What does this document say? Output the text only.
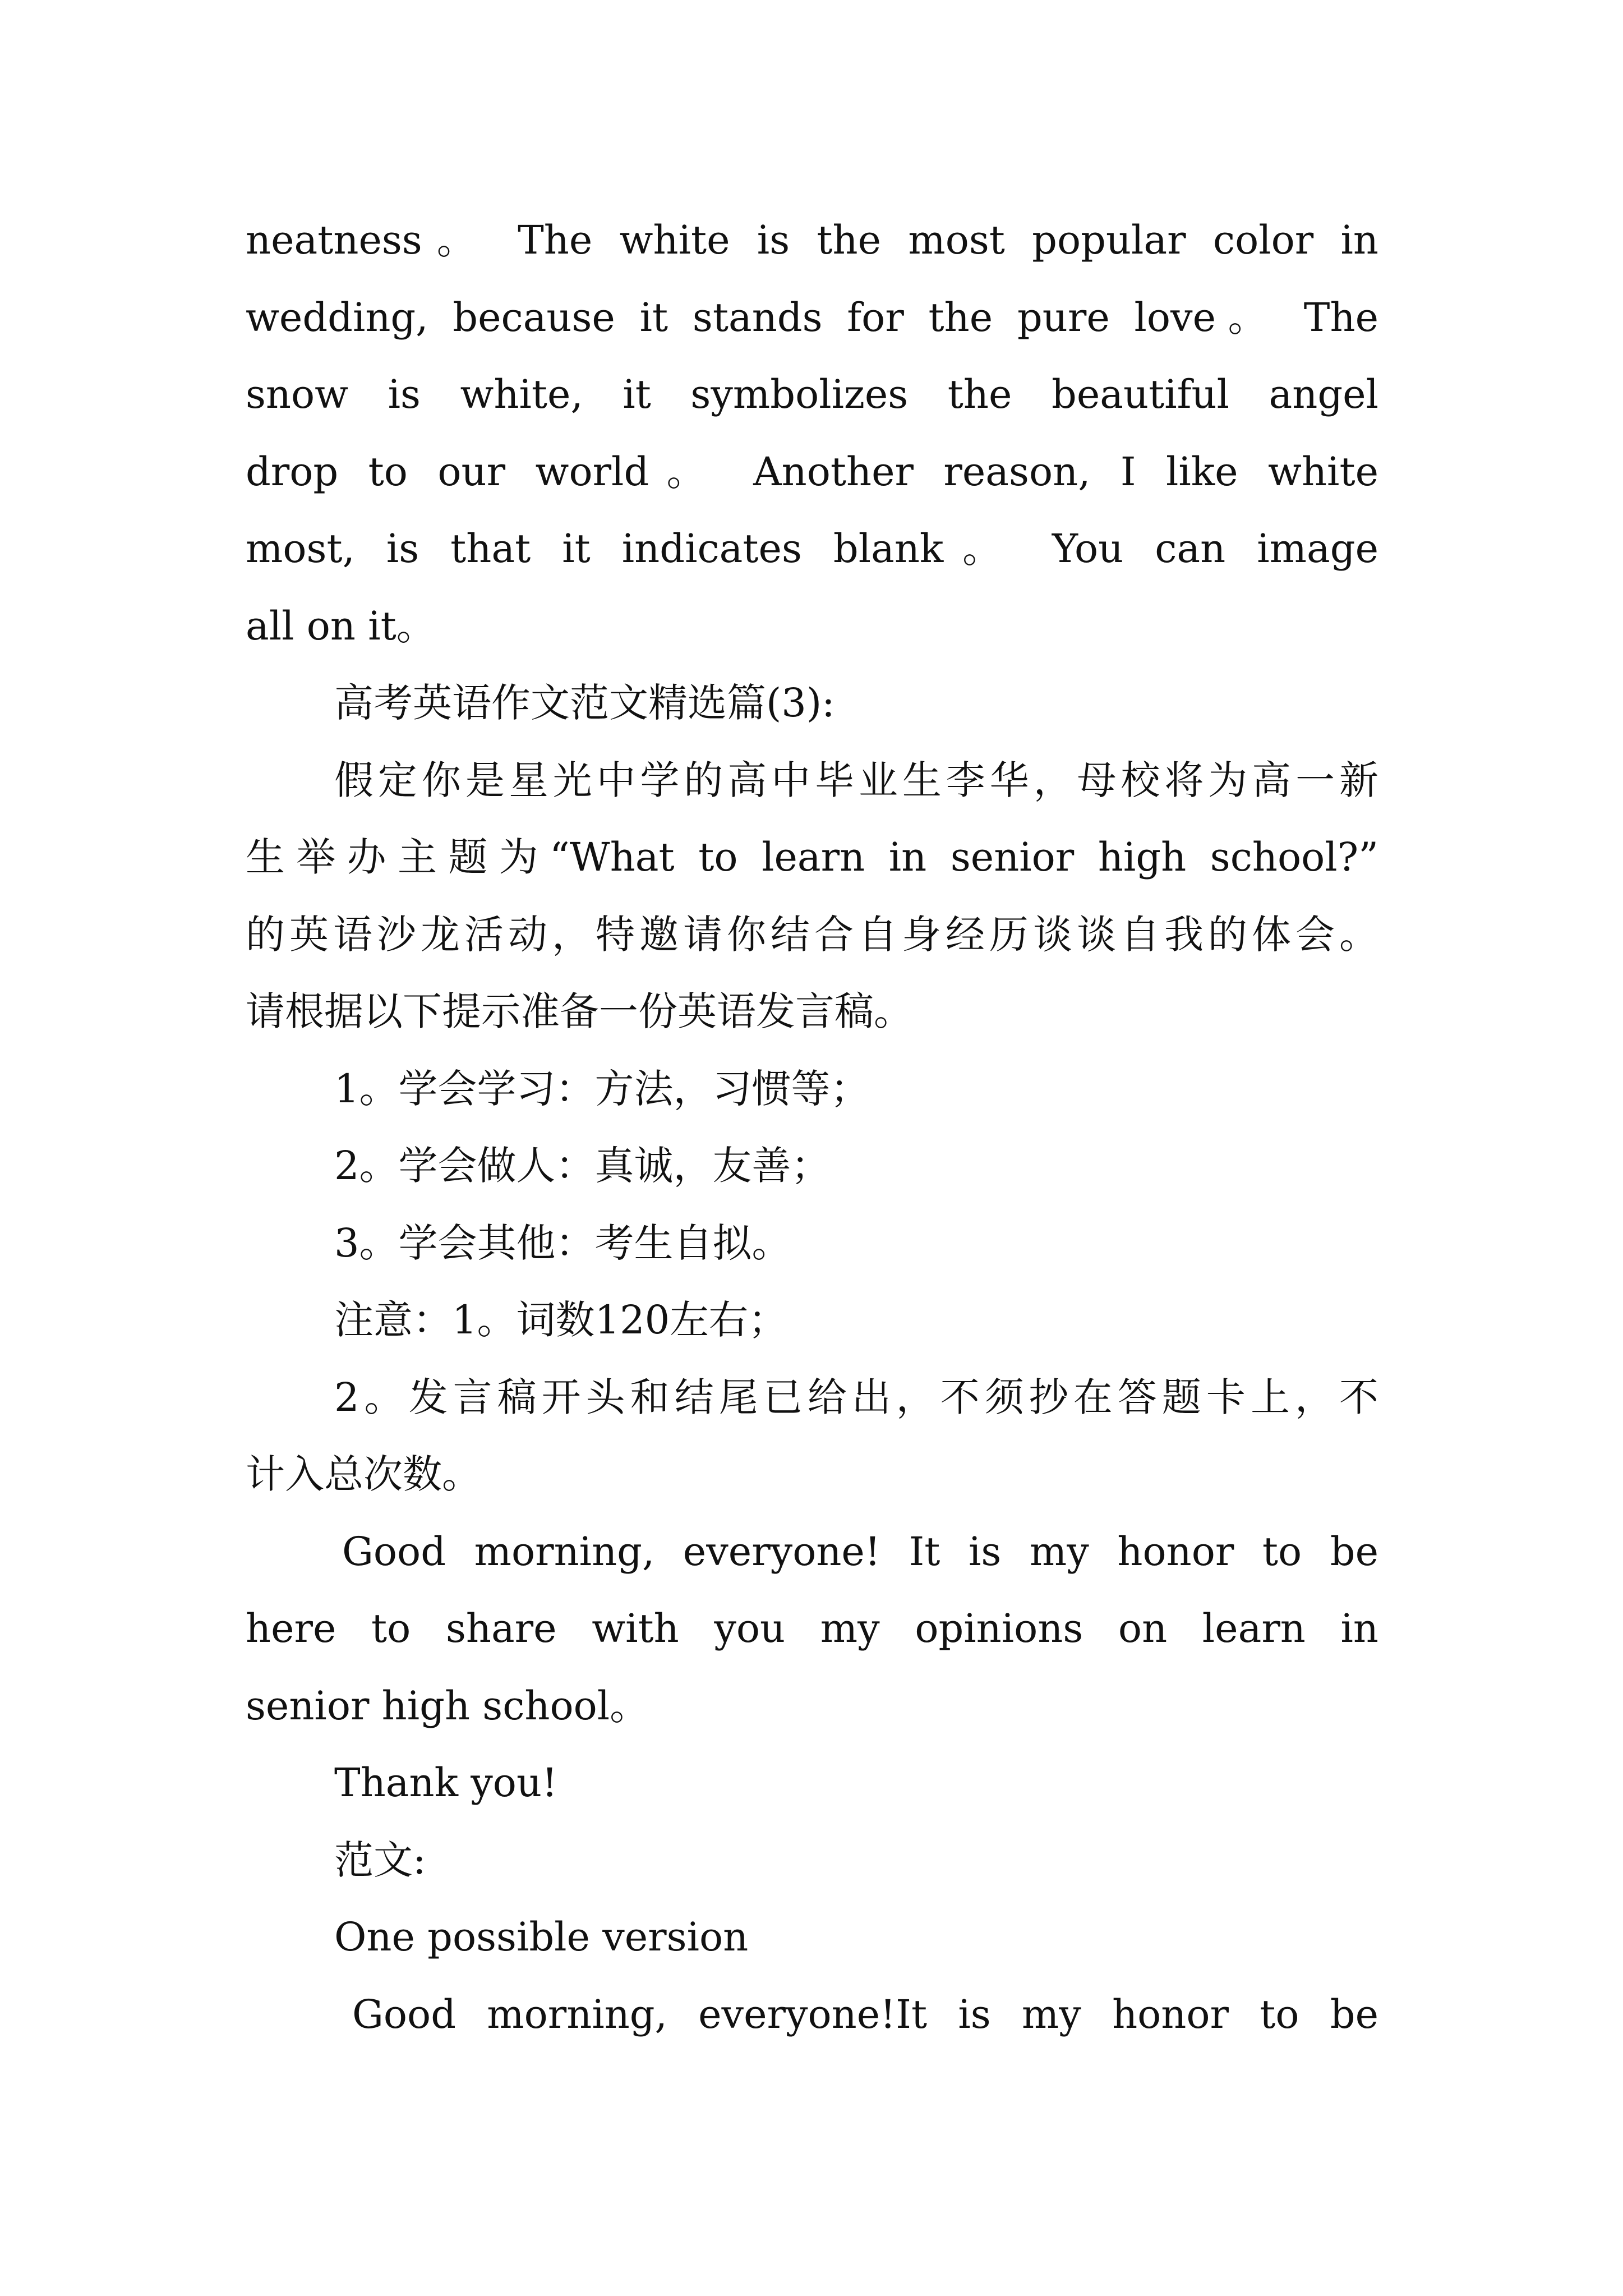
neatness。 The white is the most popular color in
wedding, because it stands for the pure love。 The
snow is white, it symbolizes the beautiful angel
drop to our world。 Another reason, I like white
most, is that it indicates blank。 You can image
all on it。
高考英语作文范文精选篇(3):
假定你是星光中学的高中毕业生李华，母校将为高一新
生举办主题为“What to learn in senior high school?”
的英语沙龙活动，特邀请你结合自身经历谈谈自我的体会。
请根据以下提示准备一份英语发言稿。
1。学会学习：方法，习惯等；
2。学会做人：真诚，友善；
3。学会其他：考生自拟。
注意：1。词数120左右；
2。发言稿开头和结尾已给出，不须抄在答题卡上，不
计入总次数。
Good morning, everyone! It is my honor to be
here to share with you my opinions on learn in
senior high school。
Thank you!
范文:
One possible version
Good morning, everyone!It is my honor to be
